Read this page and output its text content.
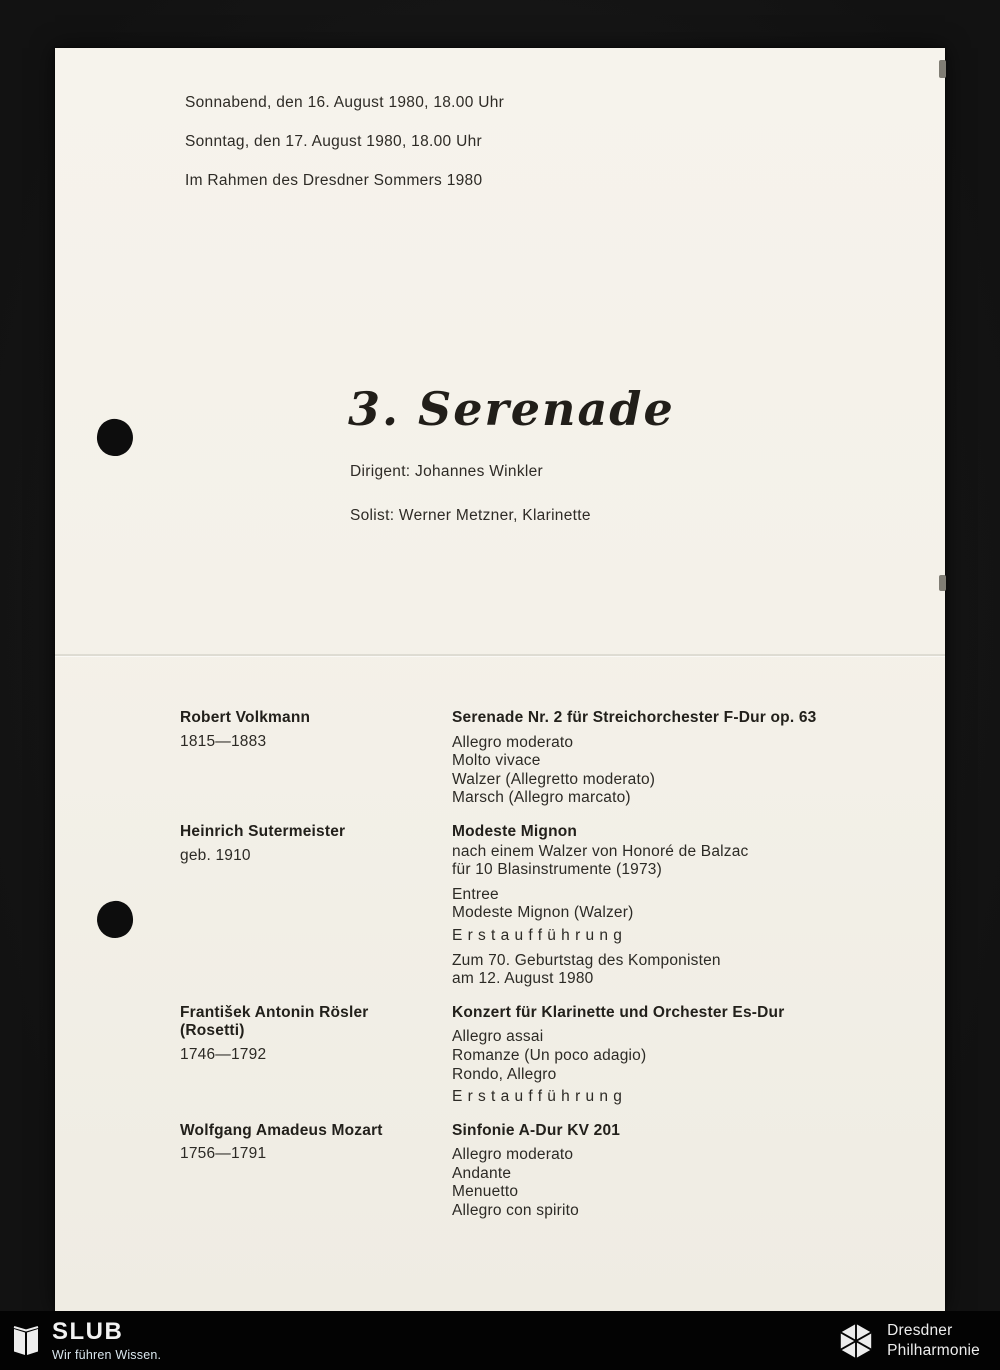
Sonnabend, den 16. August 1980, 18.00 Uhr
Sonntag, den 17. August 1980, 18.00 Uhr
Im Rahmen des Dresdner Sommers 1980
3. Serenade
Dirigent: Johannes Winkler
Solist: Werner Metzner, Klarinette
Robert Volkmann
1815—1883
Serenade Nr. 2 für Streichorchester F-Dur op. 63
Allegro moderato
Molto vivace
Walzer (Allegretto moderato)
Marsch (Allegro marcato)
Heinrich Sutermeister
geb. 1910
Modeste Mignon
nach einem Walzer von Honoré de Balzac
für 10 Blasinstrumente (1973)
Entree
Modeste Mignon (Walzer)
Erstaufführung
Zum 70. Geburtstag des Komponisten
am 12. August 1980
František Antonin Rösler
(Rosetti)
1746—1792
Konzert für Klarinette und Orchester Es-Dur
Allegro assai
Romanze (Un poco adagio)
Rondo, Allegro
Erstaufführung
Wolfgang Amadeus Mozart
1756—1791
Sinfonie A-Dur KV 201
Allegro moderato
Andante
Menuetto
Allegro con spirito
SLUB
Wir führen Wissen.
Dresdner
Philharmonie
